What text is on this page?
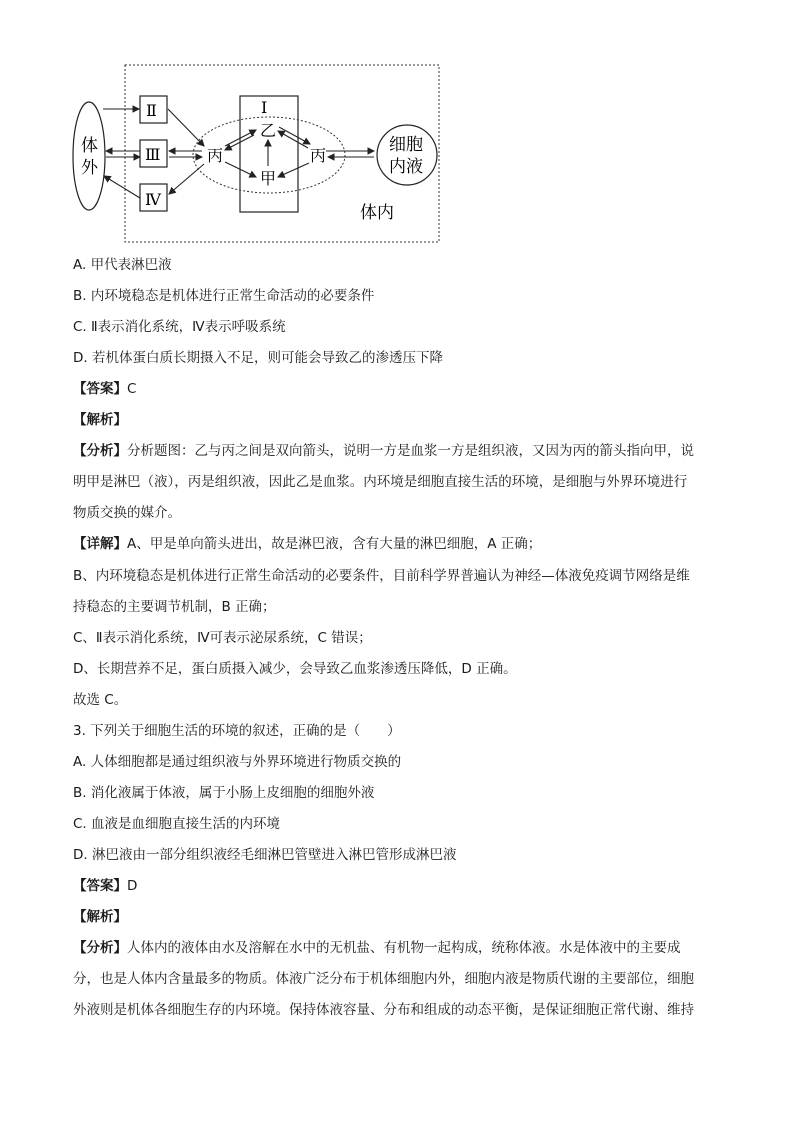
体
外
Ⅱ
Ⅲ
Ⅳ
Ⅰ
乙
丙	丙
甲
细胞
内液
体内
A. 甲代表淋巴液
B. 内环境稳态是机体进行正常生命活动的必要条件
C. Ⅱ表示消化系统，Ⅳ表示呼吸系统
D. 若机体蛋白质长期摄入不足，则可能会导致乙的渗透压下降
【答案】C
【解析】
【分析】分析题图：乙与丙之间是双向箭头，说明一方是血浆一方是组织液，又因为丙的箭头指向甲，说
明甲是淋巴（液），丙是组织液，因此乙是血浆。内环境是细胞直接生活的环境，是细胞与外界环境进行
物质交换的媒介。
【详解】A、甲是单向箭头进出，故是淋巴液，含有大量的淋巴细胞，A 正确；
B、内环境稳态是机体进行正常生命活动的必要条件，目前科学界普遍认为神经—体液免疫调节网络是维
持稳态的主要调节机制，B 正确；
C、Ⅱ表示消化系统，Ⅳ可表示泌尿系统，C 错误；
D、长期营养不足，蛋白质摄入减少，会导致乙血浆渗透压降低，D 正确。
故选 C。
3. 下列关于细胞生活的环境的叙述，正确的是（　　）
A. 人体细胞都是通过组织液与外界环境进行物质交换的
B. 消化液属于体液，属于小肠上皮细胞的细胞外液
C. 血液是血细胞直接生活的内环境
D. 淋巴液由一部分组织液经毛细淋巴管壁进入淋巴管形成淋巴液
【答案】D
【解析】
【分析】人体内的液体由水及溶解在水中的无机盐、有机物一起构成，统称体液。水是体液中的主要成
分，也是人体内含量最多的物质。体液广泛分布于机体细胞内外，细胞内液是物质代谢的主要部位，细胞
外液则是机体各细胞生存的内环境。保持体液容量、分布和组成的动态平衡，是保证细胞正常代谢、维持
